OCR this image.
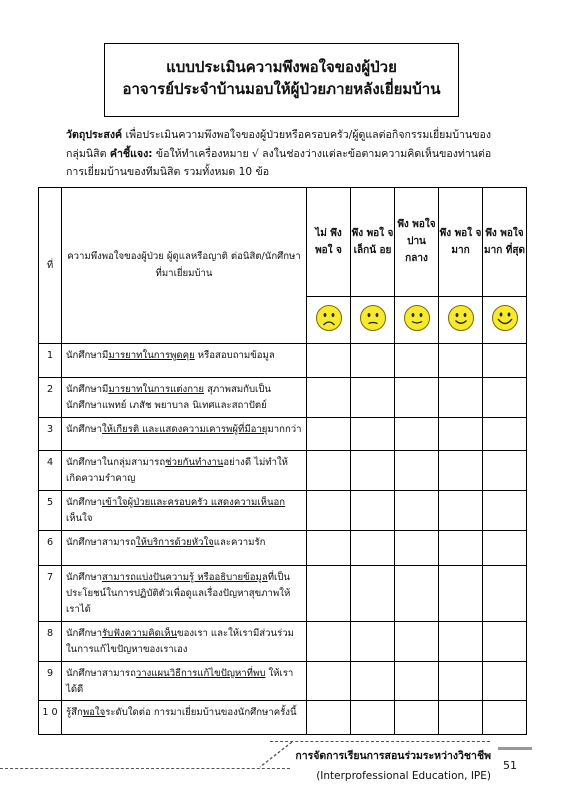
แบบประเมินความพึงพอใจของผู้ป่วย
อาจารย์ประจำบ้านมอบให้ผู้ป่วยภายหลังเยี่ยมบ้าน
วัตถุประสงค์ เพื่อประเมินความพึงพอใจของผู้ป่วยหรือครอบครัว/ผู้ดูแลต่อกิจกรรมเยี่ยมบ้านของกลุ่มนิสิต คำชี้แจง: ข้อให้ทำเครื่องหมาย √ ลงในช่องว่างแต่ละข้อตามความคิดเห็นของท่านต่อการเยี่ยมบ้านของทีมนิสิต รวมทั้งหมด 10 ข้อ
ที่	ความพึงพอใจของผู้ป่วย ผู้ดูแลหรือญาติ ต่อนิสิต/นักศึกษาที่มาเยี่ยมบ้าน	ไม่ พึง พอใ จ	พึง พอใ จ เล็กน้ อย	พึง พอใจ ปาน กลาง	พึง พอใ จ มาก	พึง พอใจ มาก ที่สุด

1	นักศึกษามีมารยาทในการพูดคุย หรือสอบถามข้อมูล					
2	นักศึกษามีมารยาทในการแต่งกาย สุภาพสมกับเป็นนักศึกษาแพทย์ เภสัช พยาบาล นิเทศและสถาปัตย์					
3	นักศึกษาให้เกียรติ และแสดงความเคารพผู้ที่มีอายุมากกว่า					
4	นักศึกษาในกลุ่มสามารถช่วยกันทำงานอย่างดี ไม่ทำให้เกิดความรำคาญ					
5	นักศึกษาเข้าใจผู้ป่วยและครอบครัว แสดงความเห็นอกเห็นใจ					
6	นักศึกษาสามารถให้บริการด้วยหัวใจและความรัก					
7	นักศึกษาสามารถแบ่งปันความรู้ หรืออธิบายข้อมูลที่เป็นประโยชน์ในการปฏิบัติตัวเพื่อดูแลเรื่องปัญหาสุขภาพให้เราได้					
8	นักศึกษารับฟังความคิดเห็นของเรา และให้เรามีส่วนร่วมในการแก้ไขปัญหาของเราเอง					
9	นักศึกษาสามารถวางแผนวิธีการแก้ไขปัญหาที่พบ ให้เราได้ดี					
1 0	รู้สึกพอใจระดับใดต่อ การมาเยี่ยมบ้านของนักศึกษาครั้งนี้					
การจัดการเรียนการสอนร่วมระหว่างวิชาชีพ
(Interprofessional Education, IPE)
51
